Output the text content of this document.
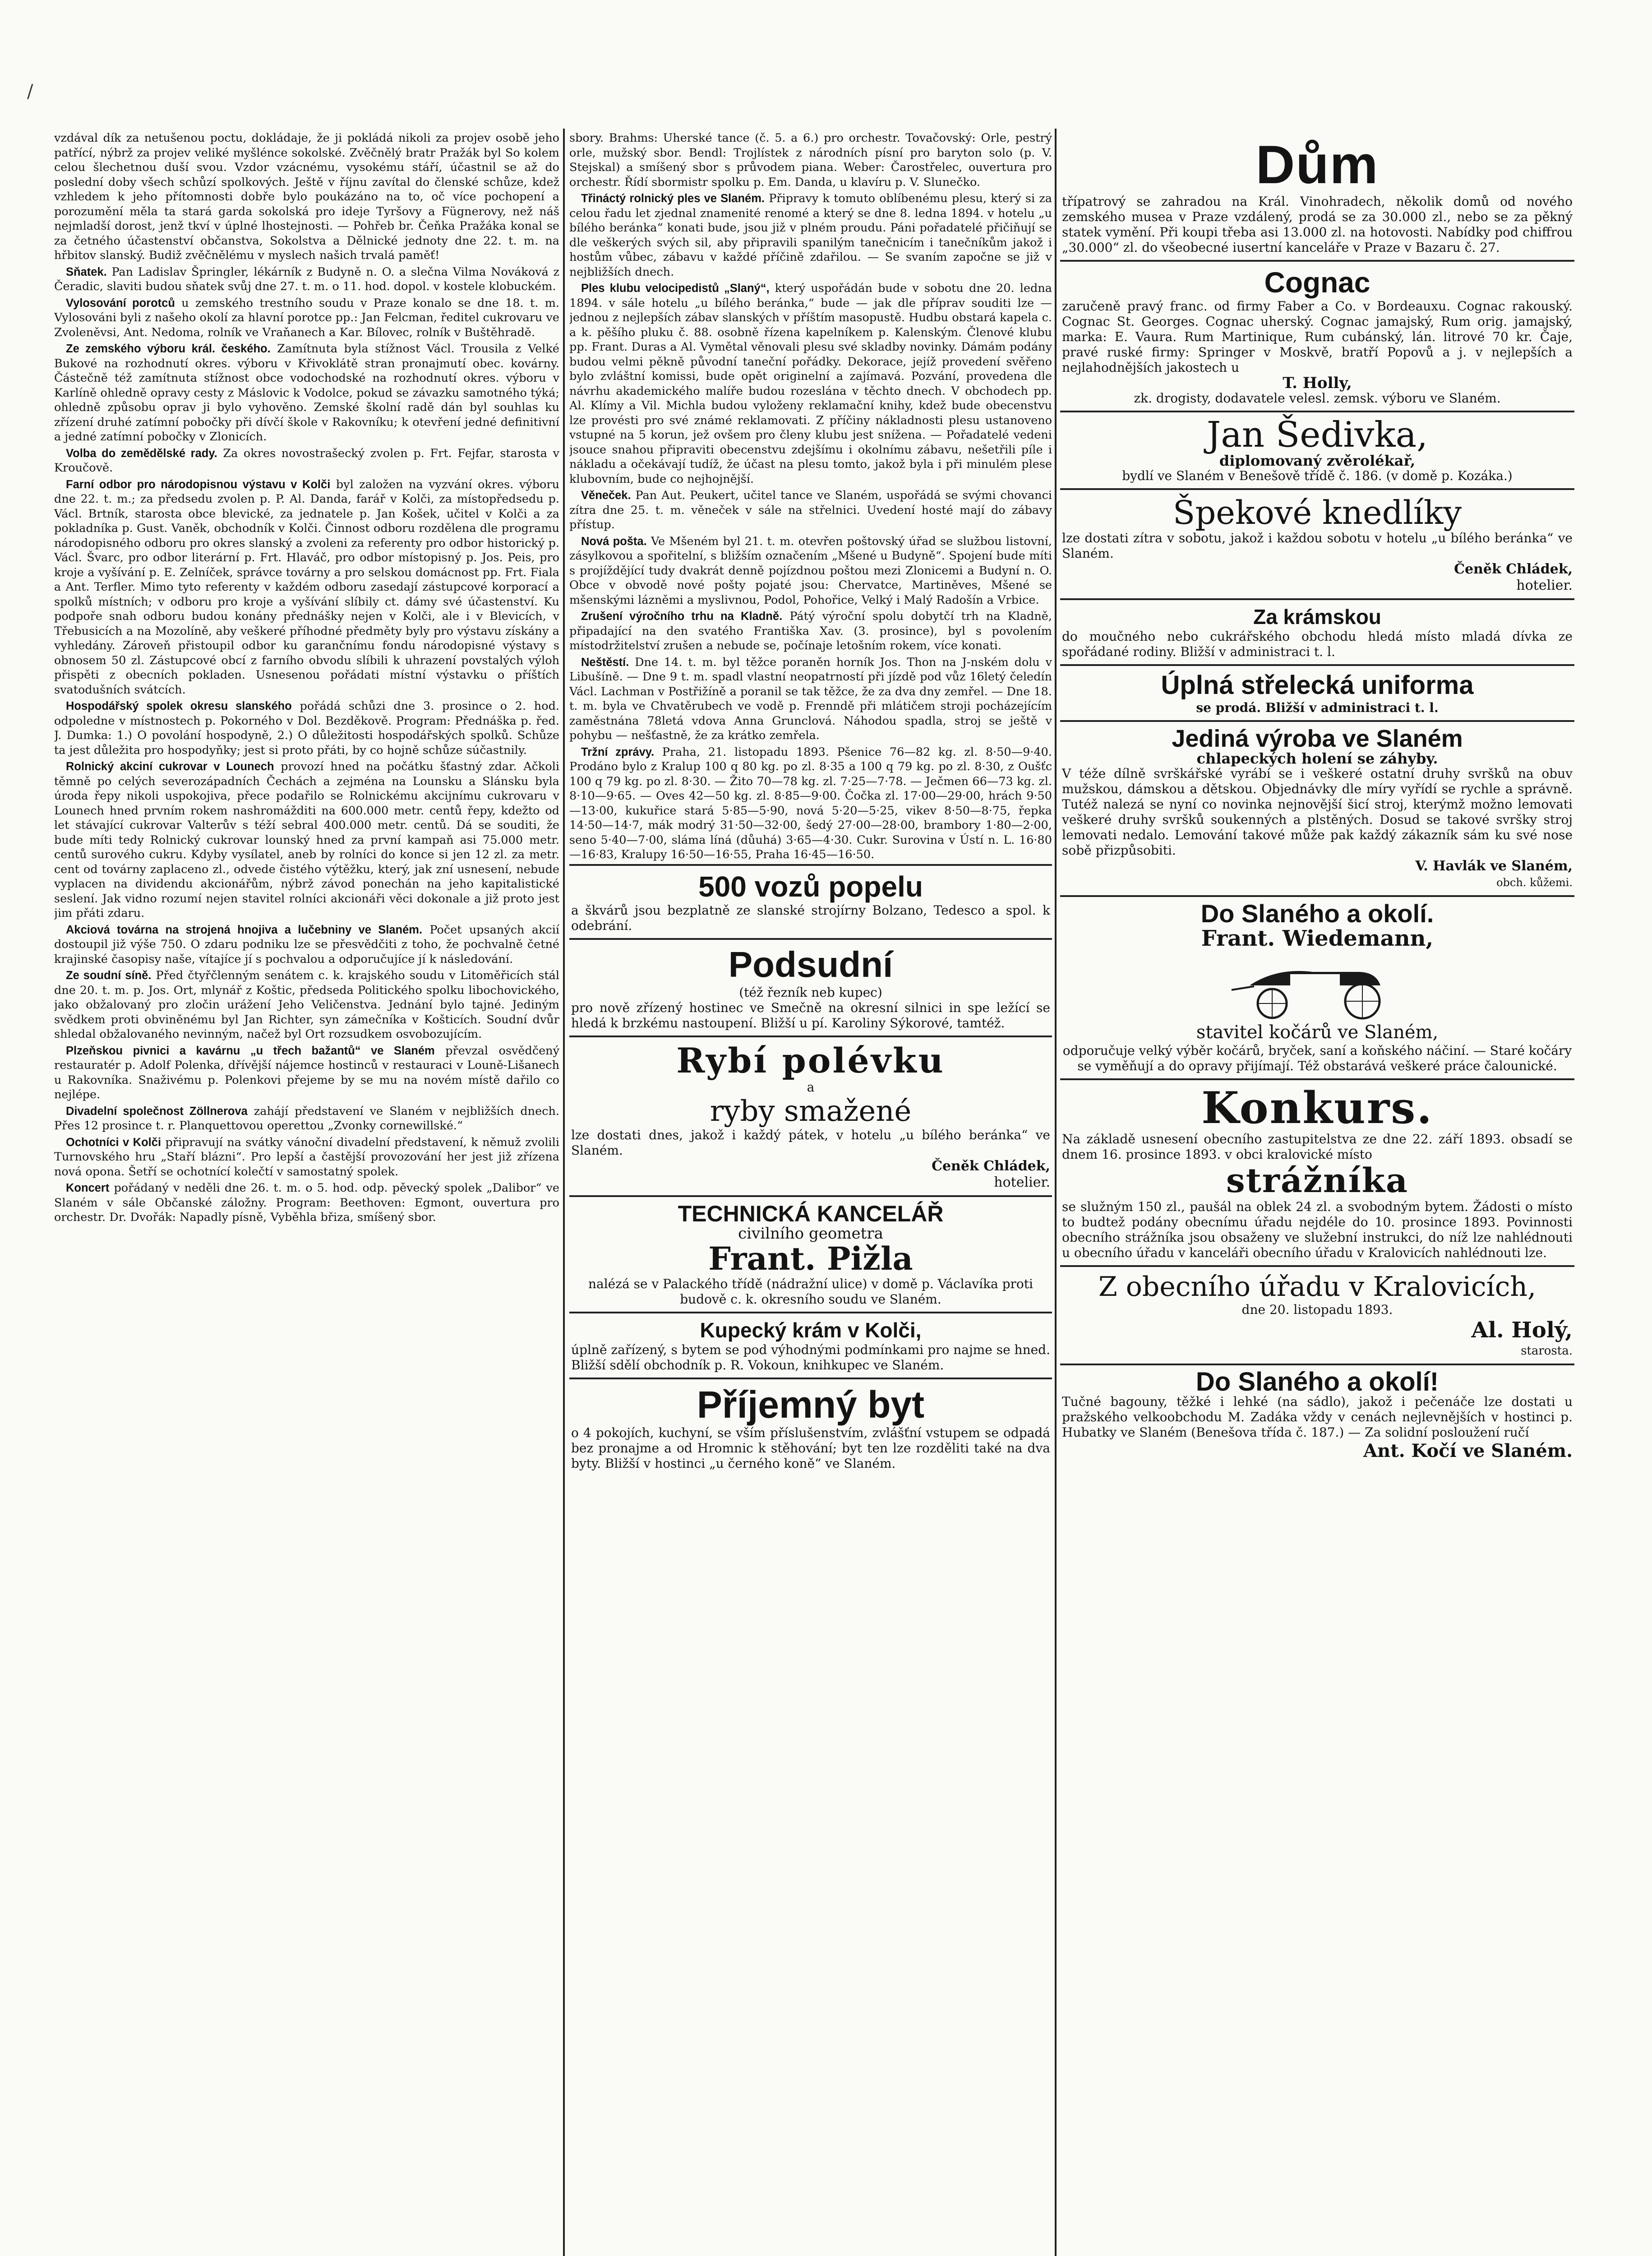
/

vzdával dík za netušenou poctu, dokládaje, že ji pokládá nikoli za projev osobě jeho patřící, nýbrž za projev veliké myšlénce sokolské. Zvěčnělý bratr Pražák byl So kolem celou šlechetnou duší svou. Vzdor vzácnému, vysokému stáří, účastnil se až do poslední doby všech schůzí spolkových. Ještě v říjnu zavítal do členské schůze, kdež vzhledem k jeho přítomnosti dobře bylo poukázáno na to, oč více pochopení a porozumění měla ta stará garda sokolská pro ideje Tyršovy a Fügnerovy, než náš nejmladší dorost, jenž tkví v úplné lhostejnosti. — Pohřeb br. Čeňka Pražáka konal se za četného účastenství občanstva, Sokolstva a Dělnické jednoty dne 22. t. m. na hřbitov slanský. Budiž zvěčnělému v myslech našich trvalá paměť!

Sňatek. Pan Ladislav Špringler, lékárník z Budyně n. O. a slečna Vilma Nováková z Čeradic, slaviti budou sňatek svůj dne 27. t. m. o 11. hod. dopol. v kostele klobuckém.

Vylosování porotců u zemského trestního soudu v Praze konalo se dne 18. t. m. Vylosováni byli z našeho okolí za hlavní porotce pp.: Jan Felcman, ředitel cukrovaru ve Zvoleněvsi, Ant. Nedoma, rolník ve Vraňanech a Kar. Bílovec, rolník v Buštěhradě.

Ze zemského výboru král. českého. Zamítnuta byla stížnost Václ. Trousila z Velké Bukové na rozhodnutí okres. výboru v Křivoklátě stran pronajmutí obec. kovárny. Částečně též zamítnuta stížnost obce vodochodské na rozhodnutí okres. výboru v Karlíně ohledně opravy cesty z Máslovic k Vodolce, pokud se závazku samotného týká; ohledně způsobu oprav ji bylo vyhověno. Zemské školní radě dán byl souhlas ku zřízení druhé zatímní pobočky při dívčí škole v Rakovníku; k otevření jedné definitivní a jedné zatímní pobočky v Zlonicích.

Volba do zemědělské rady. Za okres novostrašecký zvolen p. Frt. Fejfar, starosta v Kroučově.

Farní odbor pro národopisnou výstavu v Kolči byl založen na vyzvání okres. výboru dne 22. t. m.; za předsedu zvolen p. P. Al. Danda, farář v Kolči, za místopředsedu p. Václ. Brtník, starosta obce blevické, za jednatele p. Jan Košek, učitel v Kolči a za pokladníka p. Gust. Vaněk, obchodník v Kolči. Činnost odboru rozdělena dle programu národopisného odboru pro okres slanský a zvoleni za referenty pro odbor historický p. Václ. Švarc, pro odbor literární p. Frt. Hlaváč, pro odbor místopisný p. Jos. Peis, pro kroje a vyšívání p. E. Zelníček, správce továrny a pro selskou domácnost pp. Frt. Fiala a Ant. Terfler. Mimo tyto referenty v každém odboru zasedají zástupcové korporací a spolků místních; v odboru pro kroje a vyšívání slíbily ct. dámy své účastenství. Ku podpoře snah odboru budou konány přednášky nejen v Kolči, ale i v Blevicích, v Třebusicích a na Mozolíně, aby veškeré příhodné předměty byly pro výstavu získány a vyhledány. Zároveň přistoupil odbor ku garančnímu fondu národopisné výstavy s obnosem 50 zl. Zástupcové obcí z farního obvodu slíbili k uhrazení povstalých výloh přispěti z obecních pokladen. Usnesenou pořádati místní výstavku o příštích svatodušních svátcích.

Hospodářský spolek okresu slanského pořádá schůzi dne 3. prosince o 2. hod. odpoledne v místnostech p. Pokorného v Dol. Bezděkově. Program: Přednáška p. řed. J. Dumka: 1.) O povolání hospodyně, 2.) O důležitosti hospodářských spolků. Schůze ta jest důležita pro hospodyňky; jest si proto přáti, by co hojně schůze súčastnily.

Rolnický akciní cukrovar v Lounech provozí hned na počátku šťastný zdar. Ačkoli těmně po celých severozápadních Čechách a zejména na Lounsku a Slánsku byla úroda řepy nikoli uspokojiva, přece podařilo se Rolnickému akcijnímu cukrovaru v Lounech hned prvním rokem nashromážditi na 600.000 metr. centů řepy, kdežto od let stávající cukrovar Valterův s téží sebral 400.000 metr. centů. Dá se souditi, že bude míti tedy Rolnický cukrovar lounský hned za první kampaň asi 75.000 metr. centů surového cukru. Kdyby vysílatel, aneb by rolníci do konce si jen 12 zl. za metr. cent od továrny zaplaceno zl., odvede čistého výtěžku, který, jak zní usnesení, nebude vyplacen na dividendu akcionářům, nýbrž závod ponechán na jeho kapitalistické seslení. Jak vidno rozumí nejen stavitel rolníci akcionáři věci dokonale a již proto jest jim přáti zdaru.

Akciová továrna na strojená hnojiva a lučebniny ve Slaném. Počet upsaných akcií dostoupil již výše 750. O zdaru podniku lze se přesvědčiti z toho, že pochvalně četné krajinské časopisy naše, vítajíce jí s pochvalou a odporučujíce jí k následování.

Ze soudní síně. Před čtyřčlenným senátem c. k. krajského soudu v Litoměřicích stál dne 20. t. m. p. Jos. Ort, mlynář z Koštic, předseda Politického spolku libochovického, jako obžalovaný pro zločin urážení Jeho Veličenstva. Jednání bylo tajné. Jediným svědkem proti obviněnému byl Jan Richter, syn zámečníka v Košticích. Soudní dvůr shledal obžalovaného nevinným, načež byl Ort rozsudkem osvobozujícím.

Plzeňskou pivnici a kavárnu „u třech bažantů“ ve Slaném převzal osvědčený restauratér p. Adolf Polenka, dřívější nájemce hostinců v restauraci v Louně-Lišanech u Rakovníka. Snaživému p. Polenkovi přejeme by se mu na novém místě dařilo co nejlépe.

Divadelní společnost Zöllnerova zahájí představení ve Slaném v nejbližších dnech. Přes 12 prosince t. r. Planquettovou operettou „Zvonky cornewillské.“

Ochotníci v Kolči připravují na svátky vánoční divadelní představení, k němuž zvolili Turnovského hru „Staří blázni“. Pro lepší a častější provozování her jest již zřízena nová opona. Šetří se ochotnící kolečtí v samostatný spolek.

Koncert pořádaný v neděli dne 26. t. m. o 5. hod. odp. pěvecký spolek „Dalibor“ ve Slaném v sále Občanské záložny. Program: Beethoven: Egmont, ouvertura pro orchestr. Dr. Dvořák: Napadly písně, Vyběhla břiza, smíšený sbor.

sbory. Brahms: Uherské tance (č. 5. a 6.) pro orchestr. Tovačovský: Orle, pestrý orle, mužský sbor. Bendl: Trojlístek z národních písní pro baryton solo (p. V. Stejskal) a smíšený sbor s průvodem piana. Weber: Čarostřelec, ouvertura pro orchestr. Řídí sbormistr spolku p. Em. Danda, u klavíru p. V. Slunečko.

Třináctý rolnický ples ve Slaném. Připravy k tomuto oblíbenému plesu, který si za celou řadu let zjednal znamenité renomé a který se dne 8. ledna 1894. v hotelu „u bílého beránka“ konati bude, jsou již v plném proudu. Páni pořadatelé přičiňují se dle veškerých svých sil, aby připravili spanilým tanečnicím i tanečníkům jakož i hostům vůbec, zábavu v každé příčině zdařilou. — Se svaním započne se již v nejbližších dnech.

Ples klubu velocipedistů „Slaný“, který uspořádán bude v sobotu dne 20. ledna 1894. v sále hotelu „u bílého beránka,“ bude — jak dle příprav souditi lze — jednou z nejlepších zábav slanských v příštím masopustě. Hudbu obstará kapela c. a k. pěšího pluku č. 88. osobně řízena kapelníkem p. Kalenským. Členové klubu pp. Frant. Duras a Al. Vymětal věnovali plesu své skladby novinky. Dámám podány budou velmi pěkně původní taneční pořádky. Dekorace, jejíž provedení svěřeno bylo zvláštní komissi, bude opět originelní a zajímavá. Pozvání, provedena dle návrhu akademického malíře budou rozeslána v těchto dnech. V obchodech pp. Al. Klímy a Vil. Michla budou vyloženy reklamační knihy, kdež bude obecenstvu lze provésti pro své známé reklamovati. Z příčiny nákladnosti plesu ustanoveno vstupné na 5 korun, jež ovšem pro členy klubu jest snížena. — Pořadatelé vedeni jsouce snahou připraviti obecenstvu zdejšímu i okolnímu zábavu, nešetřili píle i nákladu a očekávají tudíž, že účast na plesu tomto, jakož byla i při minulém plese klubovním, bude co nejhojnější.

Věneček. Pan Aut. Peukert, učitel tance ve Slaném, uspořádá se svými chovanci zítra dne 25. t. m. věneček v sále na střelnici. Uvedení hosté mají do zábavy přístup.

Nová pošta. Ve Mšeném byl 21. t. m. otevřen poštovský úřad se službou listovní, zásylkovou a spořitelní, s bližším označením „Mšené u Budyně“. Spojení bude míti s projíždějící tudy dvakrát denně pojízdnou poštou mezi Zlonicemi a Budyní n. O. Obce v obvodě nové pošty pojaté jsou: Chervatce, Martiněves, Mšené se mšenskými lázněmi a myslivnou, Podol, Pohořice, Velký i Malý Radošín a Vrbice.

Zrušení výročního trhu na Kladně. Pátý výroční spolu dobytčí trh na Kladně, připadající na den svatého Františka Xav. (3. prosince), byl s povolením místodržitelství zrušen a nebude se, počínaje letošním rokem, více konati.

Neštěstí. Dne 14. t. m. byl těžce poraněn horník Jos. Thon na J-nském dolu v Libušíně. — Dne 9 t. m. spadl vlastní neopatrností při jízdě pod vůz 16letý čeledín Václ. Lachman v Postřižíně a poranil se tak těžce, že za dva dny zemřel. — Dne 18. t. m. byla ve Chvatěrubech ve vodě p. Frenndě při mlátičem stroji pocházejícím zaměstnána 78letá vdova Anna Grunclová. Náhodou spadla, stroj se ještě v pohybu — nešťastně, že za krátko zemřela.

Tržní zprávy. Praha, 21. listopadu 1893. Pšenice 76—82 kg. zl. 8·50—9·40. Prodáno bylo z Kralup 100 q 80 kg. po zl. 8·35 a 100 q 79 kg. po zl. 8·30, z Oušťc 100 q 79 kg. po zl. 8·30. — Žito 70—78 kg. zl. 7·25—7·78. — Ječmen 66—73 kg. zl. 8·10—9·65. — Oves 42—50 kg. zl. 8·85—9·00. Čočka zl. 17·00—29·00, hrách 9·50—13·00, kukuřice stará 5·85—5·90, nová 5·20—5·25, vikev 8·50—8·75, řepka 14·50—14·7, mák modrý 31·50—32·00, šedý 27·00—28·00, brambory 1·80—2·00, seno 5·40—7·00, sláma líná (důuhá) 3·65—4·30. Cukr. Surovina v Ústí n. L. 16·80—16·83, Kralupy 16·50—16·55, Praha 16·45—16·50.

500 vozů popelu
a škvárů jsou bezplatně ze slanské strojírny Bolzano, Tedesco a spol. k odebrání.
Podsudní
(též řezník neb kupec)
pro nově zřízený hostinec ve Smečně na okresní silnici in spe ležící se hledá k brzkému nastoupení. Bližší u pí. Karoliny Sýkorové, tamtéž.
Rybí polévku
a
ryby smažené
lze dostati dnes, jakož i každý pátek, v hotelu „u bílého beránka“ ve Slaném.
Čeněk Chládek,
hotelier.
TECHNICKÁ KANCELÁŘ
civilního geometra
Frant. Pižla
nalézá se v Palackého třídě (nádražní ulice) v domě p. Václavíka proti budově c. k. okresního soudu ve Slaném.
Kupecký krám v Kolči,
úplně zařízený, s bytem se pod výhodnými podmínkami pro najme se hned. Bližší sdělí obchodník p. R. Vokoun, knihkupec ve Slaném.
Příjemný byt
o 4 pokojích, kuchyní, se vším příslušenstvím, zvlášťní vstupem se odpadá bez pronajme a od Hromnic k stěhování; byt ten lze rozděliti také na dva byty. Bližší v hostinci „u černého koně“ ve Slaném.
Dům
třípatrový se zahradou na Král. Vinohradech, několik domů od nového zemského musea v Praze vzdálený, prodá se za 30.000 zl., nebo se za pěkný statek vymění. Při koupi třeba asi 13.000 zl. na hotovosti. Nabídky pod chiffrou „30.000“ zl. do všeobecné iusertní kanceláře v Praze v Bazaru č. 27.
Cognac
zaručeně pravý franc. od firmy Faber a Co. v Bordeauxu. Cognac rakouský. Cognac St. Georges. Cognac uherský. Cognac jamajský, Rum orig. jamajský, marka: E. Vaura. Rum Martinique, Rum cubánský, lán. litrové 70 kr. Čaje, pravé ruské firmy: Springer v Moskvě, bratří Popovů a j. v nejlepších a nejlahodnějších jakostech u
T. Holly,
zk. drogisty, dodavatele velesl. zemsk. výboru ve Slaném.
Jan Šedivka,
diplomovaný zvěrolékař,
bydlí ve Slaném v Benešově třídě č. 186. (v domě p. Kozáka.)
Špekové knedlíky
lze dostati zítra v sobotu, jakož i každou sobotu v hotelu „u bílého beránka“ ve Slaném.
Čeněk Chládek,
hotelier.
Za krámskou
do moučného nebo cukrářského obchodu hledá místo mladá dívka ze spořádané rodiny. Bližší v administraci t. l.
Úplná střelecká uniforma
se prodá. Bližší v administraci t. l.
Jediná výroba ve Slaném
chlapeckých holení se záhyby.
V téže dílně svrškářské vyrábí se i veškeré ostatní druhy svršků na obuv mužskou, dámskou a dětskou. Objednávky dle míry vyřídí se rychle a správně. Tutéž nalezá se nyní co novinka nejnovější šicí stroj, kterýmž možno lemovati veškeré druhy svršků soukenných a plstěných. Dosud se takové svršky stroj lemovati nedalo. Lemování takové může pak každý zákazník sám ku své nose sobě přizpůsobiti.
V. Havlák ve Slaném,
obch. kůžemi.
Do Slaného a okolí.
Frant. Wiedemann,
stavitel kočárů ve Slaném,
odporučuje velký výběr kočárů, bryček, saní a koňského náčiní. — Staré kočáry se vyměňují a do opravy přijímají. Též obstarává veškeré práce čalounické.
Konkurs.
Na základě usnesení obecního zastupitelstva ze dne 22. září 1893. obsadí se dnem 16. prosince 1893. v obci kralovické místo
strážníka
se služným 150 zl., paušál na oblek 24 zl. a svobodným bytem. Žádosti o místo to budtež podány obecnímu úřadu nejdéle do 10. prosince 1893. Povinnosti obecního strážníka jsou obsaženy ve služební instrukci, do níž lze nahlédnouti u obecního úřadu v kanceláři obecního úřadu v Kralovicích nahlédnouti lze.
Z obecního úřadu v Kralovicích,
dne 20. listopadu 1893.
Al. Holý,
starosta.
Do Slaného a okolí!
Tučné bagouny, těžké i lehké (na sádlo), jakož i pečenáče lze dostati u pražského velkoobchodu M. Zadáka vždy v cenách nejlevnějších v hostinci p. Hubatky ve Slaném (Benešova třída č. 187.) — Za solidní posloužení ručí
Ant. Kočí ve Slaném.
